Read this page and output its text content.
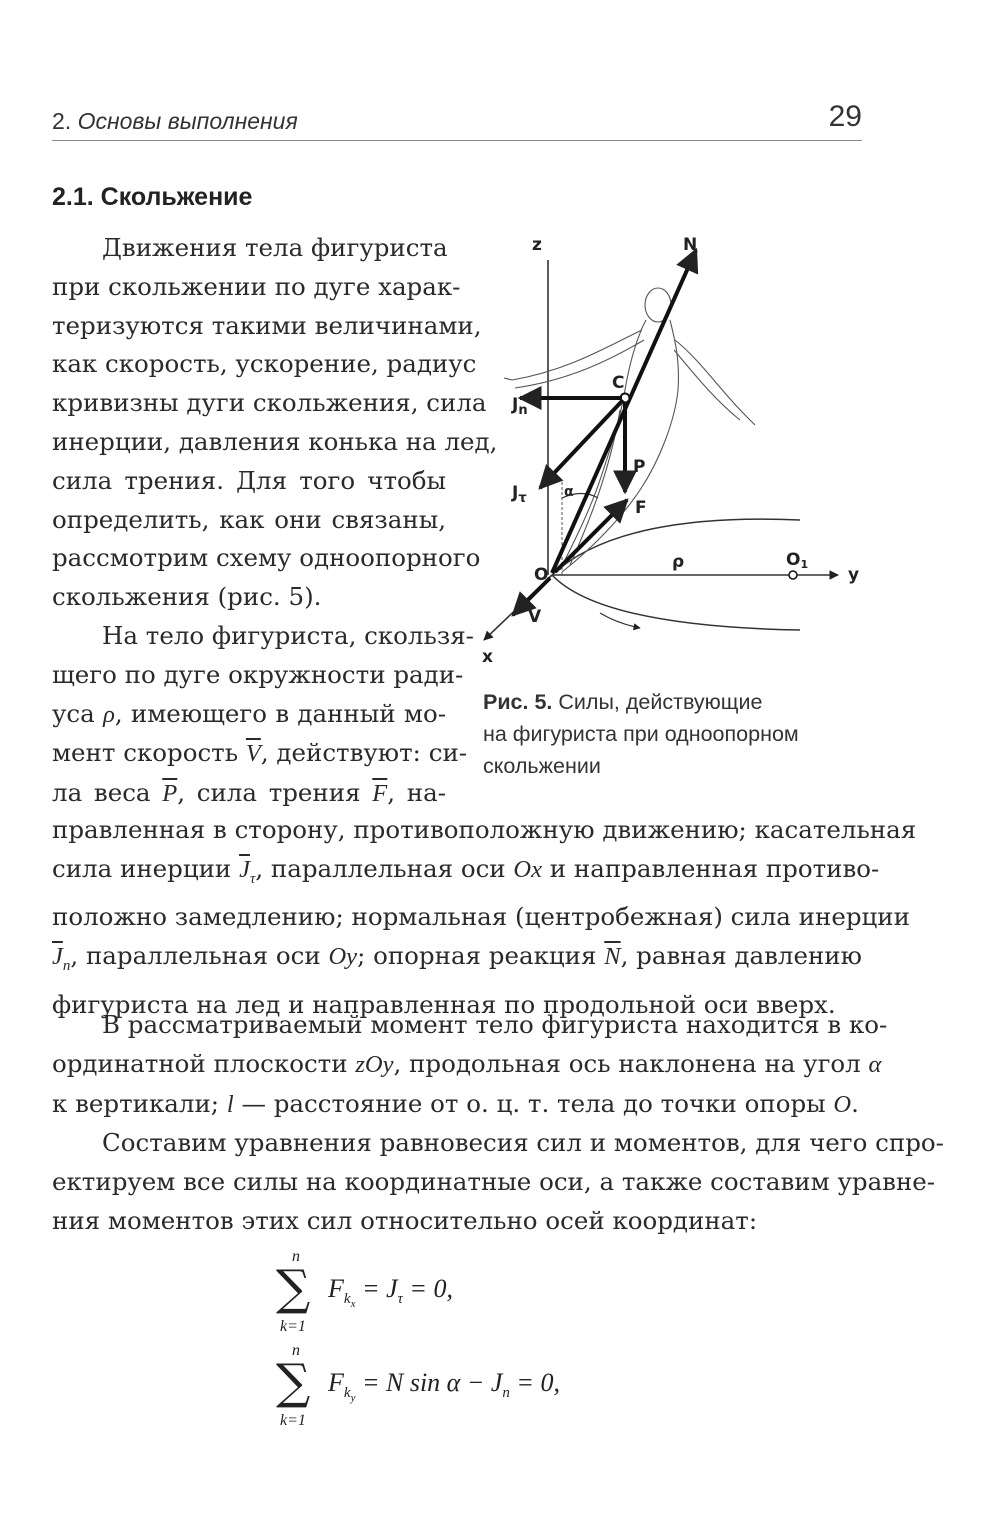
2. Основы выполнения	29
2.1. Скольжение
Движения тела фигуриста
при скольжении по дуге харак-
теризуются такими величинами,
как скорость, ускорение, радиус
кривизны дуги скольжения, сила
инерции, давления конька на лед,
сила трения. Для того чтобы
определить, как они связаны,
рассмотрим схему одноопорного
скольжения (рис. 5).
На тело фигуриста, скользя-
щего по дуге окружности ради-
уса ρ, имеющего в данный мо-
мент скорость $\overline{V}$, действуют: си-
ла веса $\overline{P}$, сила трения $\overline{F}$, на-
правленная в сторону, противоположную движению; касательная
сила инерции $\overline{J}_\tau$, параллельная оси Ox и направленная противо-
положно замедлению; нормальная (центробежная) сила инерции
$\overline{J}_n$, параллельная оси Oy; опорная реакция $\overline{N}$, равная давлению
фигуриста на лед и направленная по продольной оси вверх.
В рассматриваемый момент тело фигуриста находится в ко-
ординатной плоскости zOy, продольная ось наклонена на угол α
к вертикали; l — расстояние от о. ц. т. тела до точки опоры O.
Составим уравнения равновесия сил и моментов, для чего спро-
ектируем все силы на координатные оси, а также составим уравне-
ния моментов этих сил относительно осей координат:
n
∑
k=1
$F_{k_x} = J_\tau = 0$,
n
∑
k=1
$F_{k_y} = N$ $\sin \alpha - J_n = 0$,
z	N
C
$J_n$
P
$J_\tau$	α
F
O
ρ	O1
y
V
x
Рис. 5. Силы, действующие
на фигуриста при одноопорном
скольжении
